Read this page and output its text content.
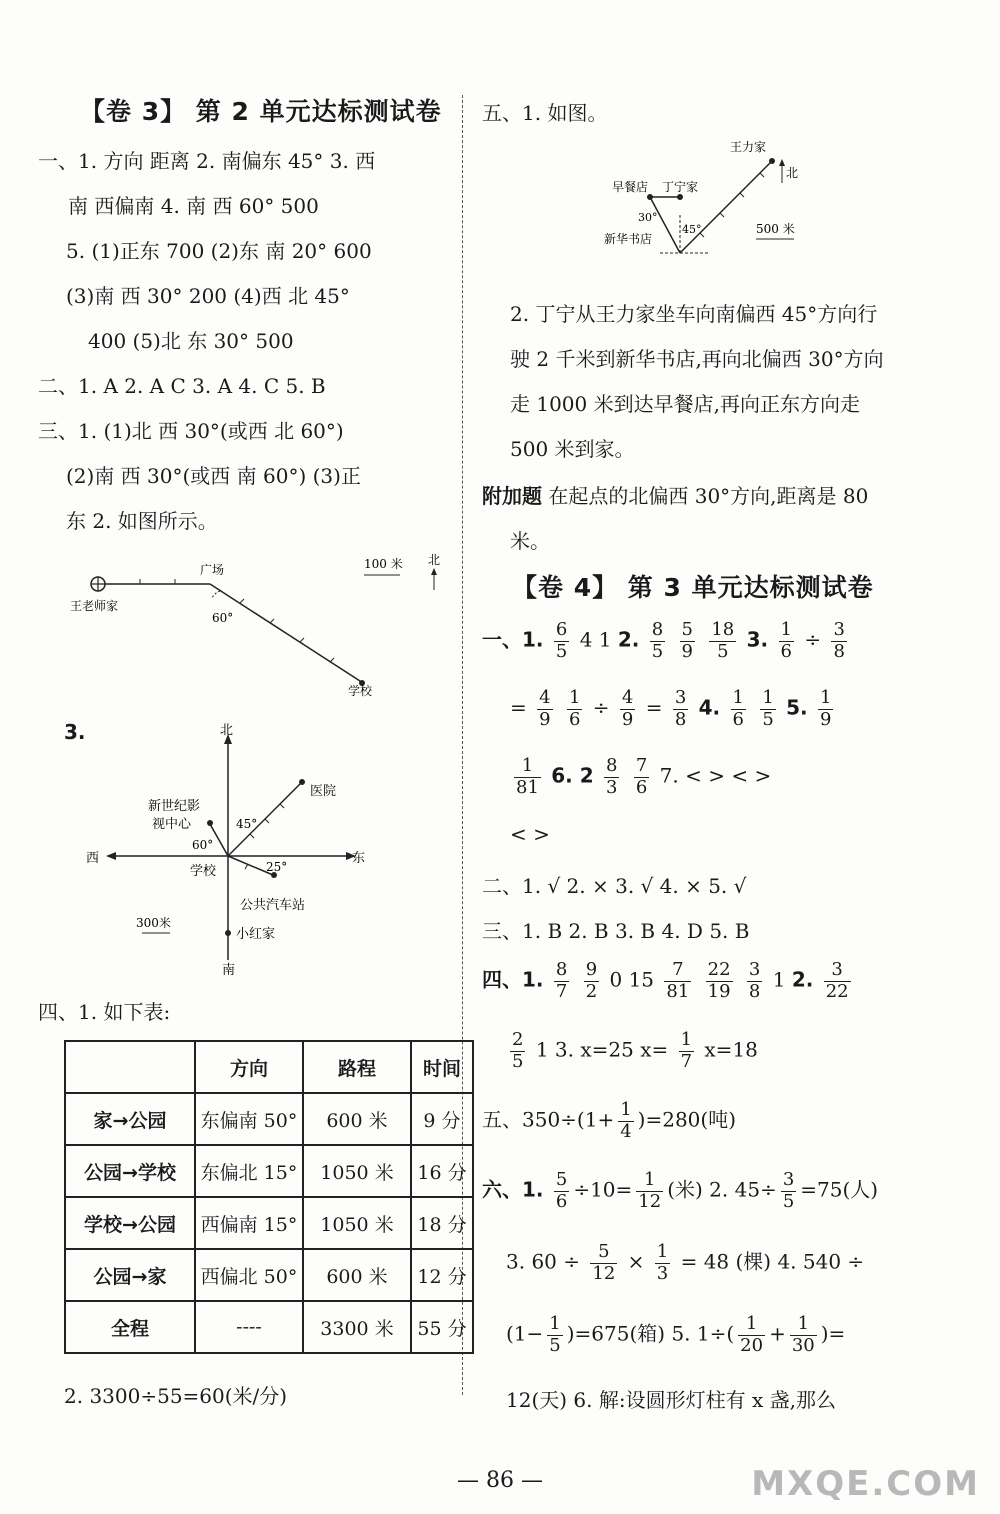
【卷 3】 第 2 单元达标测试卷
一、1. 方向 距离 2. 南偏东 45° 3. 西
南 西偏南 4. 南 西 60° 500
5. (1)正东 700 (2)东 南 20° 600
(3)南 西 30° 200 (4)西 北 45°
400 (5)北 东 30° 500
二、1. A 2. A C 3. A 4. C 5. B
三、1. (1)北 西 30°(或西 北 60°)
(2)南 西 30°(或西 南 60°) (3)正
东 2. 如图所示。
王老师家
广场
学校
60°
100 米 北
3.	北
南
东
西
医院
新世纪影
视中心
学校
公共汽车站
小红家
300米
45°
60°
25°
四、1. 如下表:
	方向	路程	时间
家→公园	东偏南 50°	600 米	9 分
公园→学校	东偏北 15°	1050 米	16 分
学校→公园	西偏南 15°	1050 米	18 分
公园→家	西偏北 50°	600 米	12 分
全程	----	3300 米	55 分
2. 3300÷55=60(米/分)
五、1. 如图。
王力家
北
早餐店 丁宁家
新华书店
30°
45°	500 米
2. 丁宁从王力家坐车向南偏西 45°方向行
驶 2 千米到新华书店,再向北偏西 30°方向
走 1000 米到达早餐店,再向正东方向走
500 米到家。
附加题 在起点的北偏西 30°方向,距离是 80
米。
【卷 4】 第 3 单元达标测试卷
一、1. $\frac{6}{5} 4$ 1 2. $\frac{8}{5}$
$\frac{5}{9}$
$\frac{18}{5} 3$. $\frac{1}{6} \div \frac{3}{8}$
= $\frac{4}{9}$
$\frac{1}{6} \div \frac{4}{9} = \frac{3}{8} 4$. $\frac{1}{6}$
$\frac{1}{5} 5$. $\frac{1}{9}$
$\frac{1}{81} 6$. $2 \frac{8}{3}$
$\frac{7}{6} 7$. < > < >
< >
二、1. √ 2. × 3. √ 4. × 5. √
三、1. B 2. B 3. B 4. D 5. B
四、1. $\frac{8}{7}$
$\frac{9}{2} 0$ $15 \frac{7}{81}$
$\frac{22}{19}$
$\frac{3}{8} 1$ 2. $\frac{3}{22}$
$\frac{2}{5} 1$ 3. x=25 $x= \frac{1}{7} x=18$
五、$350\div(1+ \frac{1}{4} )=280$(吨)
六、1. $\frac{5}{6} \div 10= \frac{1}{12}$ (米) 2. $45\div \frac{3}{5} =75$(人)
3. $60 \div \frac{5}{12} \times \frac{1}{3} = 48$ (棵) 4. 540 ÷
$(1- \frac{1}{5} )=675$(箱) 5. $1\div( \frac{1}{20} + \frac{1}{30}$ )=
12(天) 6. 解:设圆形灯柱有 x 盏,那么
— 86 —	MXQE.COM
